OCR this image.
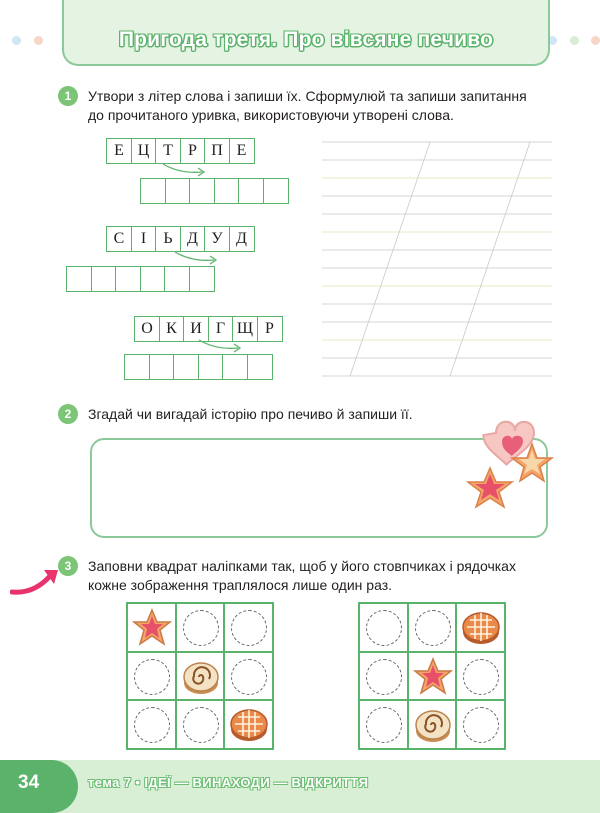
Пригода третя. Про вівсяне печиво
1	Утвори з літер слова і запиши їх. Сформулюй та запиши запитання
до прочитаного уривка, використовуючи утворені слова.
Е Ц Т Р П Е
С	І	Ь Д У Д
О К И Г Щ Р
2	Згадай чи вигадай історію про печиво й запиши її.
3	Заповни квадрат наліпками так, щоб у його стовпчиках і рядочках
кожне зображення траплялося лише один раз.
34	тема 7 • ІДЕЇ — ВИНАХОДИ — ВІДКРИТТЯ
